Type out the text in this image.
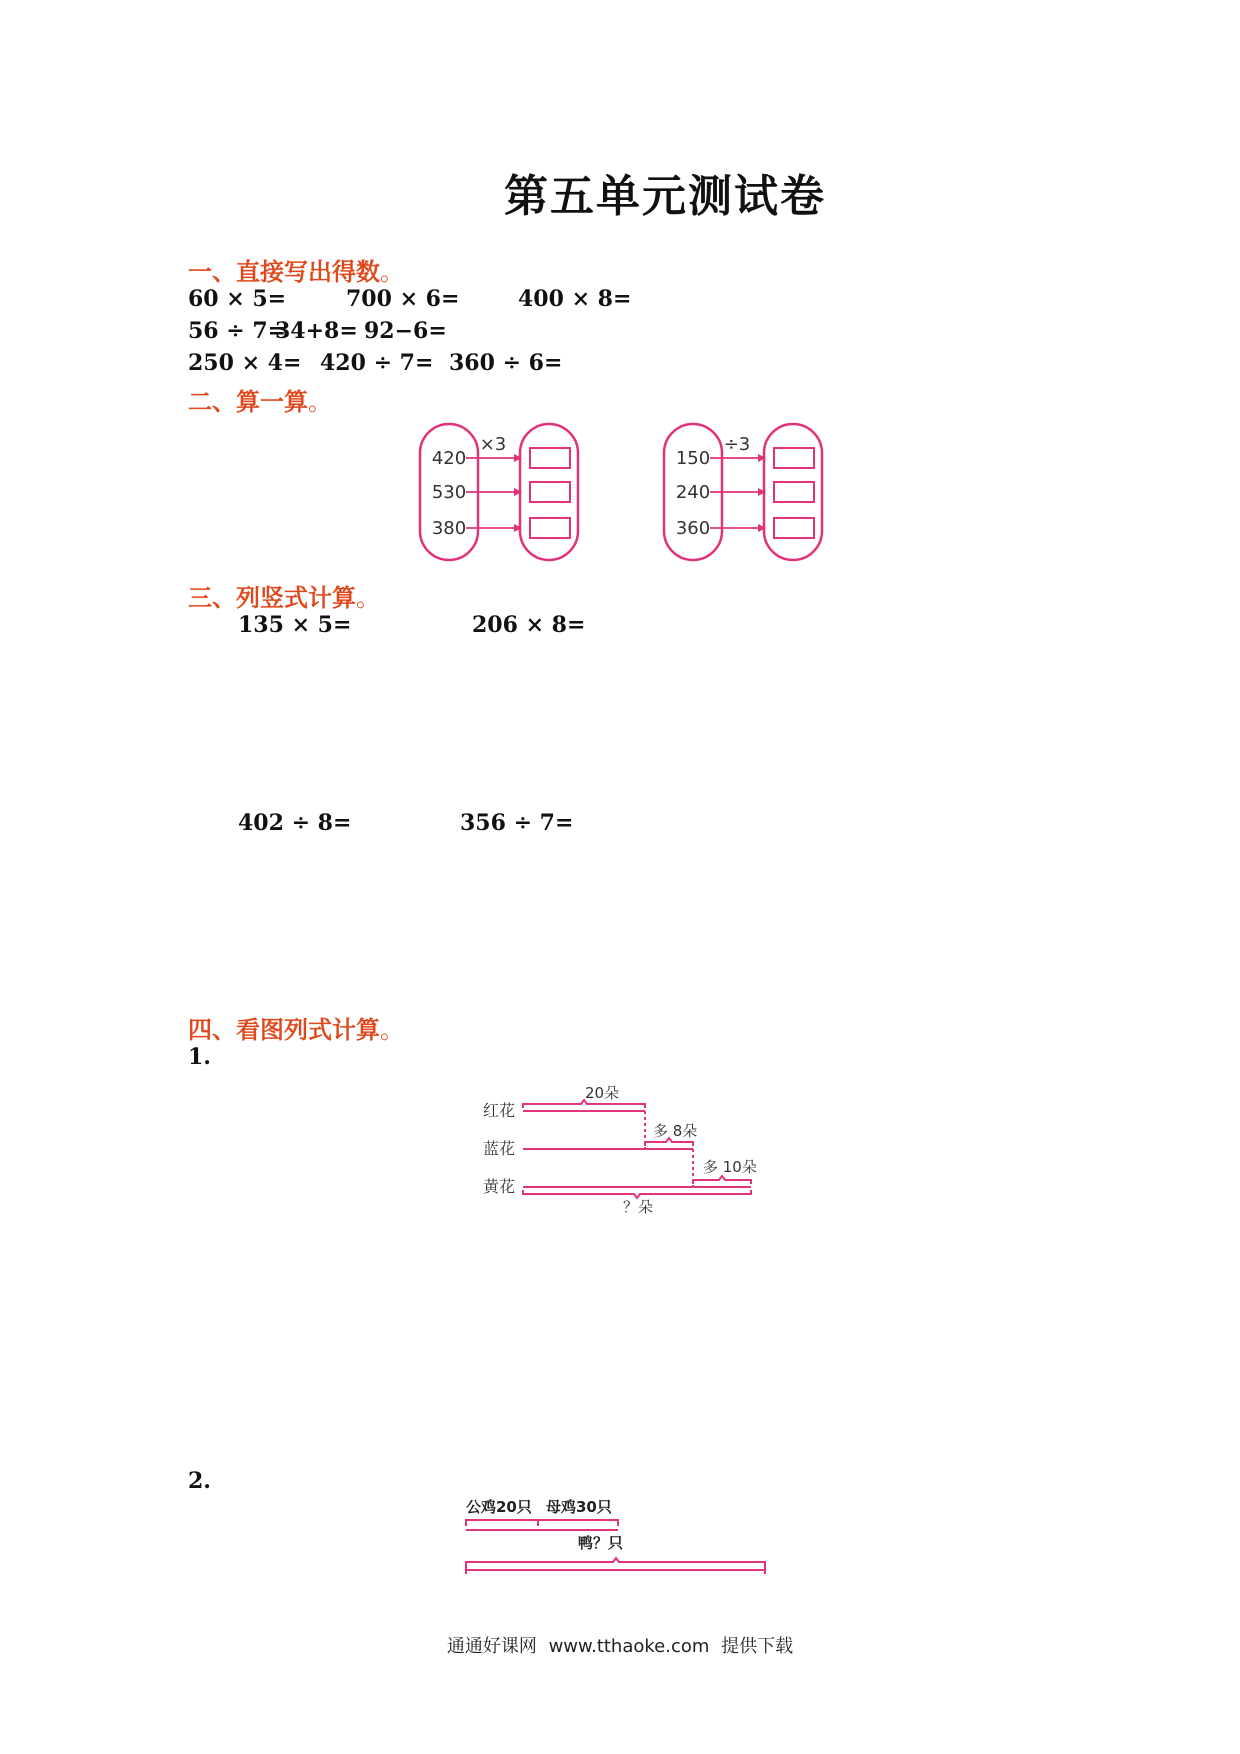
第五单元测试卷
一、直接写出得数。
60 × 5=	700 × 6=	400 × 8=
56 ÷ 7=
34+8= 92−6=
250 × 4= 420 ÷ 7= 360 ÷ 6=
二、算一算。
420
530
380
150
240
360
×3	÷3
三、列竖式计算。
135 × 5=	206 × 8=
402 ÷ 8=	356 ÷ 7=
四、看图列式计算。
1.
红花
蓝花
黄花
20朵
多 8朵
多 10朵
？朵
2.
公鸡20只 母鸡30只
鸭？只
通通好课网 www.tthaoke.com 提供下载
